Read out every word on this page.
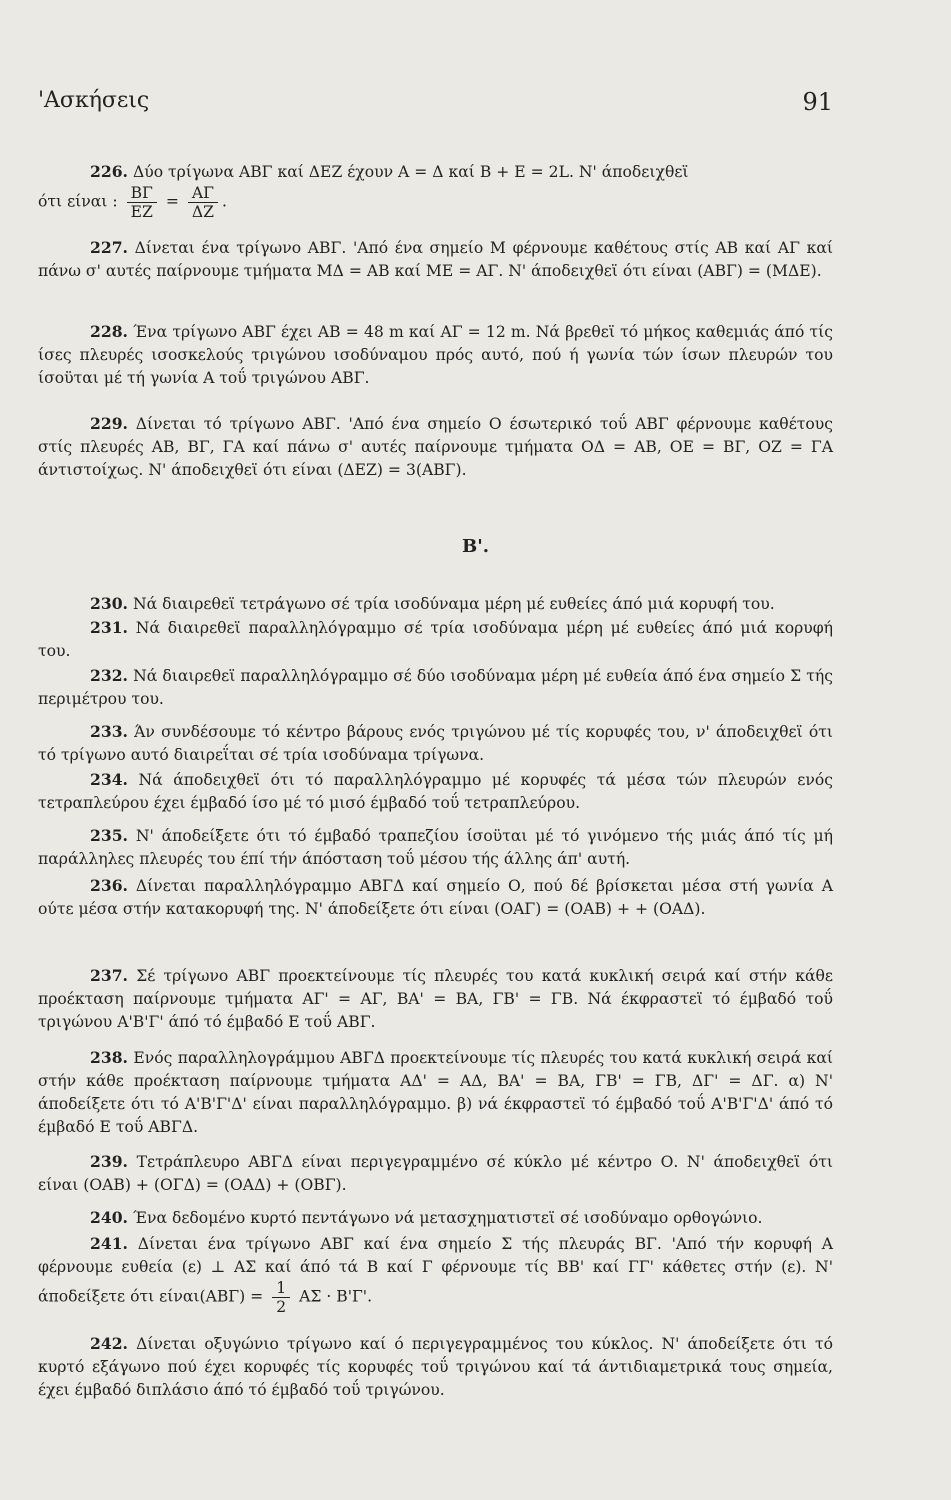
'Ασκήσεις	91
226. Δύο τρίγωνα ΑΒΓ καί ΔΕΖ έχουν Α = Δ καί Β + Ε = 2L. Ν' άποδειχθεϊ
ότι είναι : $\frac{B\Gamma}{EZ} = \frac{A\Gamma}{\Delta Z}$ .
227. Δίνεται ένα τρίγωνο ΑΒΓ. 'Από ένα σημείο Μ φέρνουμε καθέτους στίς ΑΒ καί ΑΓ καί πάνω σ' αυτές παίρνουμε τμήματα ΜΔ = ΑΒ καί ΜΕ = ΑΓ. Ν' άποδειχθεϊ ότι είναι (ΑΒΓ) = (ΜΔΕ).
228. Ένα τρίγωνο ΑΒΓ έχει ΑΒ = 48 m καί ΑΓ = 12 m. Νά βρεθεϊ τό μήκος καθεμιάς άπό τίς ίσες πλευρές ισοσκελούς τριγώνου ισοδύναμου πρός αυτό, πού ή γωνία τών ίσων πλευρών του ίσοϋται μέ τή γωνία Α τοΰ τριγώνου ΑΒΓ.
229. Δίνεται τό τρίγωνο ΑΒΓ. 'Από ένα σημείο Ο έσωτερικό τοΰ ΑΒΓ φέρνουμε καθέτους στίς πλευρές ΑΒ, ΒΓ, ΓΑ καί πάνω σ' αυτές παίρνουμε τμήματα ΟΔ = ΑΒ, ΟΕ = ΒΓ, ΟΖ = ΓΑ άντιστοίχως. Ν' άποδειχθεϊ ότι είναι (ΔΕΖ) = 3(ΑΒΓ).
Β'.
230. Νά διαιρεθεϊ τετράγωνο σέ τρία ισοδύναμα μέρη μέ ευθείες άπό μιά κορυφή του.
231. Νά διαιρεθεϊ παραλληλόγραμμο σέ τρία ισοδύναμα μέρη μέ ευθείες άπό μιά κορυφή του.
232. Νά διαιρεθεϊ παραλληλόγραμμο σέ δύο ισοδύναμα μέρη μέ ευθεία άπό ένα σημείο Σ τής περιμέτρου του.
233. Άν συνδέσουμε τό κέντρο βάρους ενός τριγώνου μέ τίς κορυφές του, ν' άποδειχθεϊ ότι τό τρίγωνο αυτό διαιρεΐται σέ τρία ισοδύναμα τρίγωνα.
234. Νά άποδειχθεϊ ότι τό παραλληλόγραμμο μέ κορυφές τά μέσα τών πλευρών ενός τετραπλεύρου έχει έμβαδό ίσο μέ τό μισό έμβαδό τοΰ τετραπλεύρου.
235. Ν' άποδείξετε ότι τό έμβαδό τραπεζίου ίσοϋται μέ τό γινόμενο τής μιάς άπό τίς μή παράλληλες πλευρές του έπί τήν άπόσταση τοΰ μέσου τής άλλης άπ' αυτή.
236. Δίνεται παραλληλόγραμμο ΑΒΓΔ καί σημείο Ο, πού δέ βρίσκεται μέσα στή γωνία Α ούτε μέσα στήν κατακορυφή της. Ν' άποδείξετε ότι είναι (ΟΑΓ) = (ΟΑΒ) + + (ΟΑΔ).
237. Σέ τρίγωνο ΑΒΓ προεκτείνουμε τίς πλευρές του κατά κυκλική σειρά καί στήν κάθε προέκταση παίρνουμε τμήματα ΑΓ' = ΑΓ, ΒΑ' = ΒΑ, ΓΒ' = ΓΒ. Νά έκφραστεϊ τό έμβαδό τοΰ τριγώνου Α'Β'Γ' άπό τό έμβαδό Ε τοΰ ΑΒΓ.
238. Ενός παραλληλογράμμου ΑΒΓΔ προεκτείνουμε τίς πλευρές του κατά κυκλική σειρά καί στήν κάθε προέκταση παίρνουμε τμήματα ΑΔ' = ΑΔ, ΒΑ' = ΒΑ, ΓΒ' = ΓΒ, ΔΓ' = ΔΓ. α) Ν' άποδείξετε ότι τό Α'Β'Γ'Δ' είναι παραλληλόγραμμο. β) νά έκφραστεϊ τό έμβαδό τοΰ Α'Β'Γ'Δ' άπό τό έμβαδό Ε τοΰ ΑΒΓΔ.
239. Τετράπλευρο ΑΒΓΔ είναι περιγεγραμμένο σέ κύκλο μέ κέντρο Ο. Ν' άποδειχθεϊ ότι είναι (ΟΑΒ) + (ΟΓΔ) = (ΟΑΔ) + (ΟΒΓ).
240. Ένα δεδομένο κυρτό πεντάγωνο νά μετασχηματιστεϊ σέ ισοδύναμο ορθογώνιο.
241. Δίνεται ένα τρίγωνο ΑΒΓ καί ένα σημείο Σ τής πλευράς ΒΓ. 'Από τήν κορυφή Α φέρνουμε ευθεία (ε) ⊥ ΑΣ καί άπό τά Β καί Γ φέρνουμε τίς ΒΒ' καί ΓΓ' κάθετες στήν (ε). Ν' άποδείξετε ότι $\varepsilon ί\nu\alpha\iota(AB\Gamma) = \frac{1}{2}$ ΑΣ · Β'Γ'.
242. Δίνεται οξυγώνιο τρίγωνο καί ό περιγεγραμμένος του κύκλος. Ν' άποδείξετε ότι τό κυρτό εξάγωνο πού έχει κορυφές τίς κορυφές τοΰ τριγώνου καί τά άντιδιαμετρικά τους σημεία, έχει έμβαδό διπλάσιο άπό τό έμβαδό τοΰ τριγώνου.
